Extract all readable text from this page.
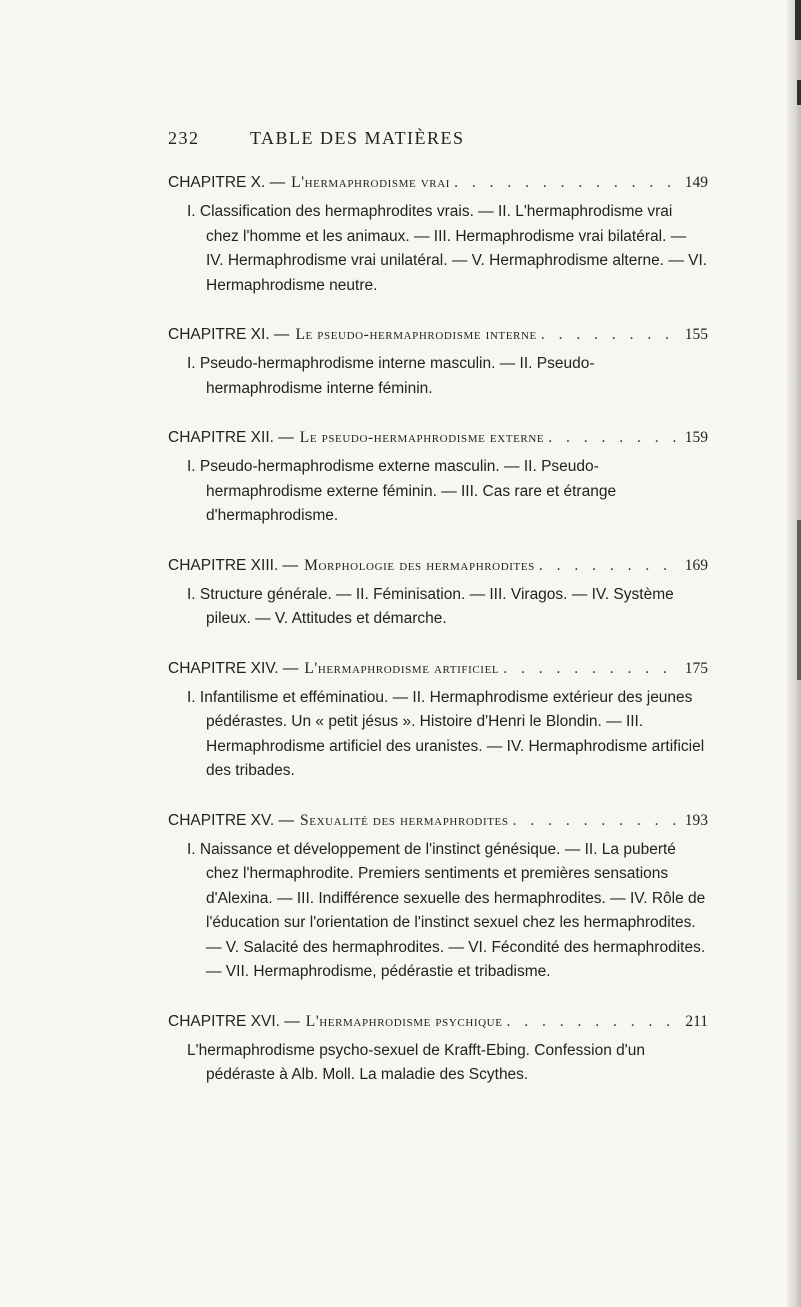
232	TABLE DES MATIÈRES
CHAPITRE X. — L'hermaphrodisme vrai . . .	149

I. Classification des hermaphrodites vrais. — II. L'hermaphrodisme vrai chez l'homme et les animaux. — III. Hermaphrodisme vrai bilatéral. — IV. Hermaphrodisme vrai unilatéral. — V. Hermaphrodisme alterne. — VI. Hermaphrodisme neutre.

CHAPITRE XI. — Le pseudo-hermaphrodisme interne . . .	155

I. Pseudo-hermaphrodisme interne masculin. — II. Pseudo-hermaphrodisme interne féminin.

CHAPITRE XII. — Le pseudo-hermaphrodisme externe . . .	159

I. Pseudo-hermaphrodisme externe masculin. — II. Pseudo-hermaphrodisme externe féminin. — III. Cas rare et étrange d'hermaphrodisme.

CHAPITRE XIII. — Morphologie des hermaphrodites . . .	169

I. Structure générale. — II. Féminisation. — III. Viragos. — IV. Système pileux. — V. Attitudes et démarche.

CHAPITRE XIV. — L'hermaphrodisme artificiel . . .	175

I. Infantilisme et efféminatiou. — II. Hermaphrodisme extérieur des jeunes pédérastes. Un « petit jésus ». Histoire d'Henri le Blondin. — III. Hermaphrodisme artificiel des uranistes. — IV. Hermaphrodisme artificiel des tribades.

CHAPITRE XV. — Sexualité des hermaphrodites . . .	193

I. Naissance et développement de l'instinct génésique. — II. La puberté chez l'hermaphrodite. Premiers sentiments et premières sensations d'Alexina. — III. Indifférence sexuelle des hermaphrodites. — IV. Rôle de l'éducation sur l'orientation de l'instinct sexuel chez les hermaphrodites. — V. Salacité des hermaphrodites. — VI. Fécondité des hermaphrodites. — VII. Hermaphrodisme, pédérastie et tribadisme.

CHAPITRE XVI. — L'hermaphrodisme psychique . . .	211

L'hermaphrodisme psycho-sexuel de Krafft-Ebing. Confession d'un pédéraste à Alb. Moll. La maladie des Scythes.
